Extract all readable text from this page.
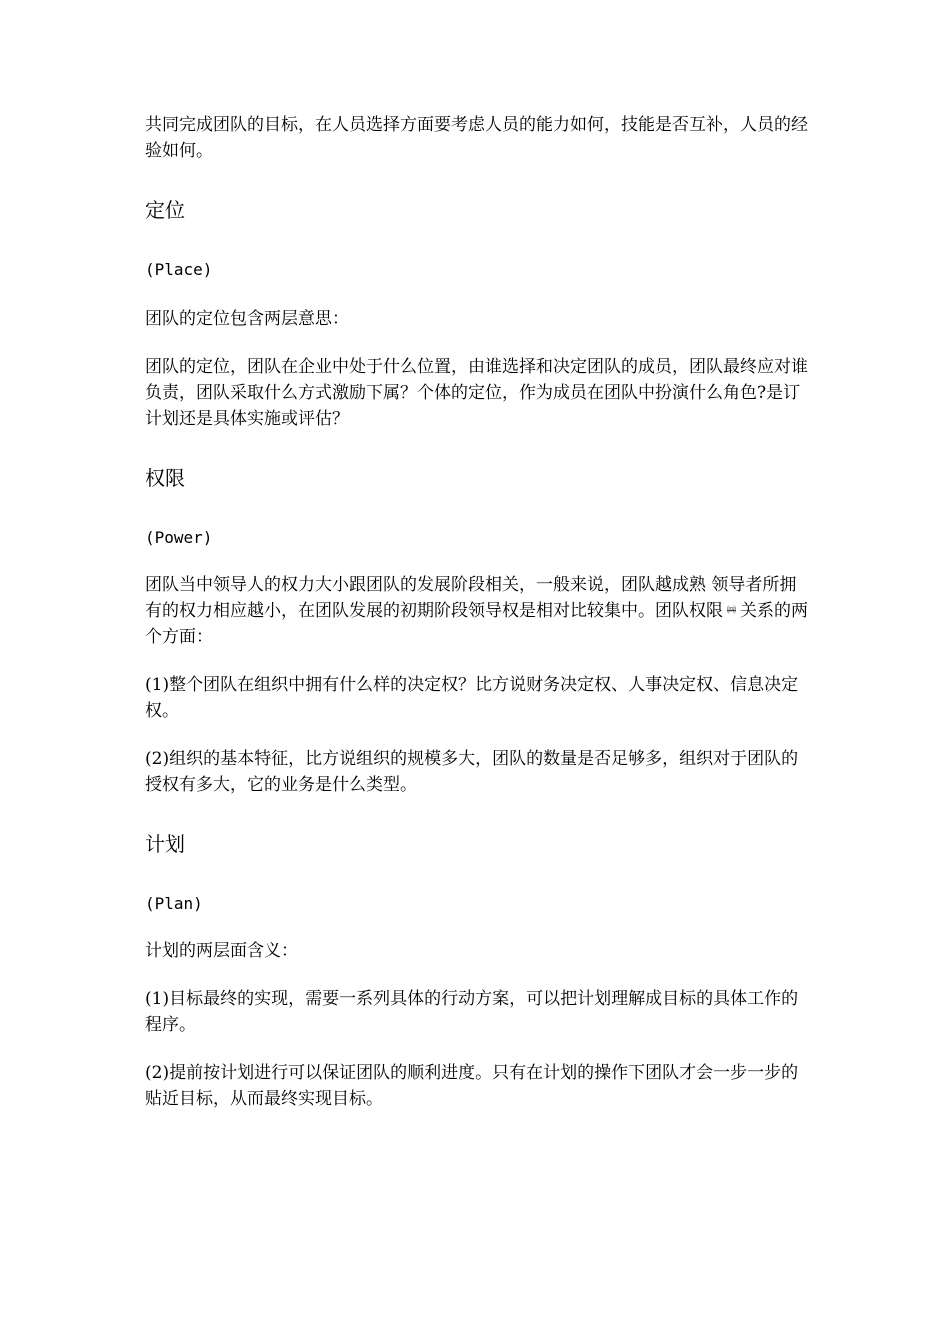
共同完成团队的目标，在人员选择方面要考虑人员的能力如何，技能是否互补，人员的经验如何。

定位

(Place)

团队的定位包含两层意思：

团队的定位，团队在企业中处于什么位置，由谁选择和决定团队的成员，团队最终应对谁负责，团队采取什么方式激励下属？个体的定位，作为成员在团队中扮演什么角色?是订计划还是具体实施或评估？

权限

(Power)

团队当中领导人的权力大小跟团队的发展阶段相关，一般来说，团队越成熟 领导者所拥有的权力相应越小，在团队发展的初期阶段领导权是相对比较集中。团队权限 ㈣ 关系的两个方面：

(1)整个团队在组织中拥有什么样的决定权？比方说财务决定权、人事决定权、信息决定权。

(2)组织的基本特征，比方说组织的规模多大，团队的数量是否足够多，组织对于团队的授权有多大，它的业务是什么类型。

计划

(Plan)

计划的两层面含义：

(1)目标最终的实现，需要一系列具体的行动方案，可以把计划理解成目标的具体工作的程序。

(2)提前按计划进行可以保证团队的顺利进度。只有在计划的操作下团队才会一步一步的贴近目标，从而最终实现目标。
